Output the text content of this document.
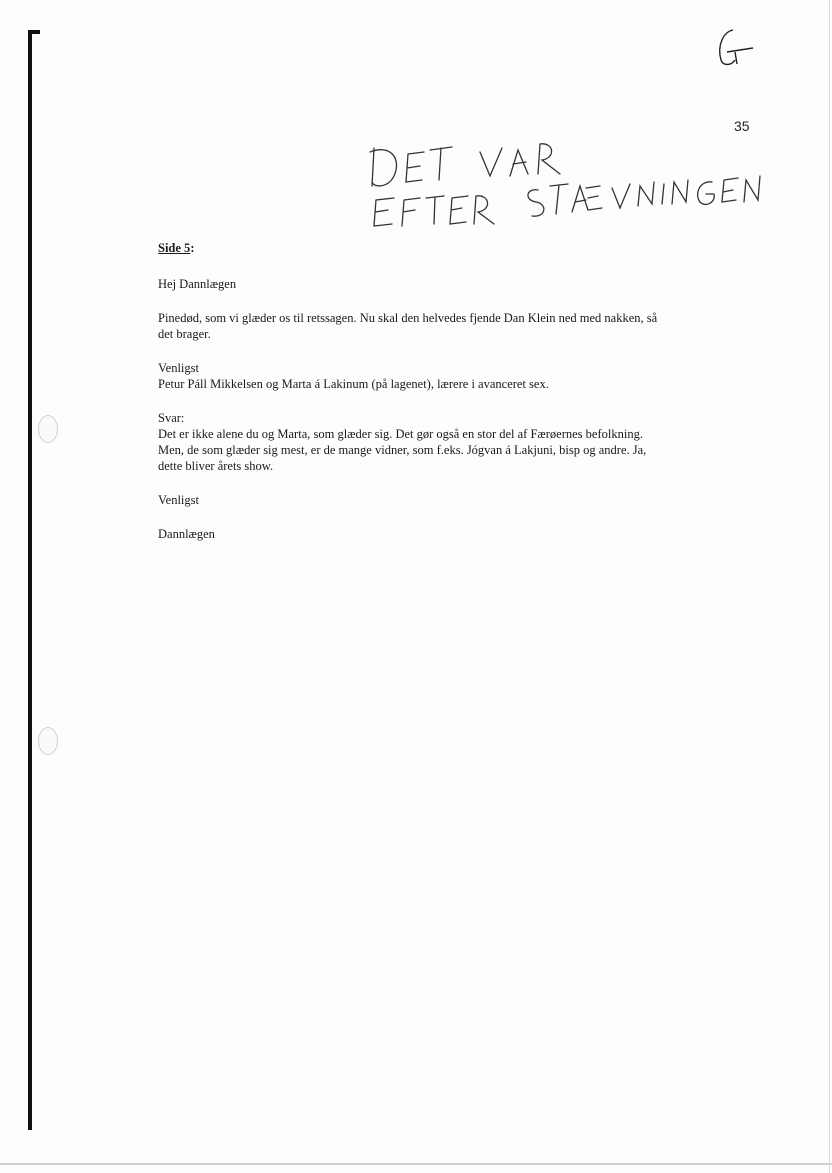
35

Side 5:

Hej Dannlægen

Pinedød, som vi glæder os til retssagen. Nu skal den helvedes fjende Dan Klein ned med nakken, så
det brager.

Venligst
Petur Páll Mikkelsen og Marta á Lakinum (på lagenet), lærere i avanceret sex.

Svar:
Det er ikke alene du og Marta, som glæder sig. Det gør også en stor del af Færøernes befolkning.
Men, de som glæder sig mest, er de mange vidner, som f.eks. Jógvan á Lakjuni, bisp og andre. Ja,
dette bliver årets show.

Venligst

Dannlægen
